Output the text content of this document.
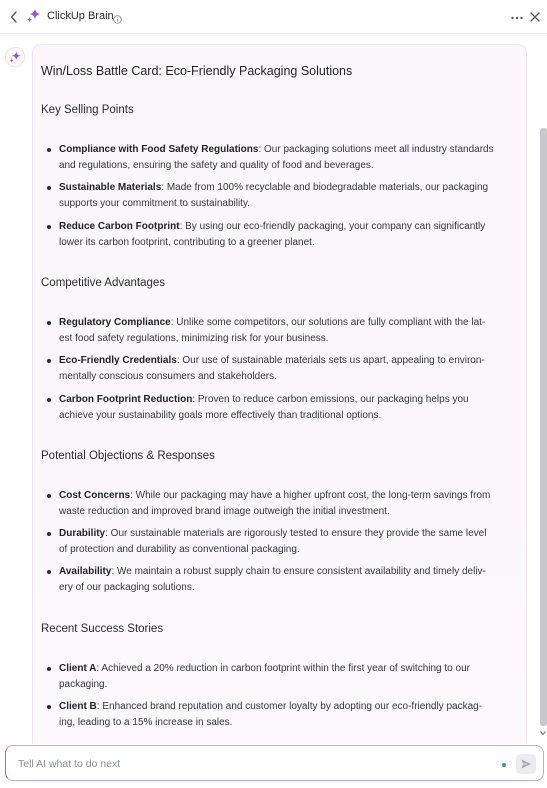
ClickUp Brain
Win/Loss Battle Card: Eco-Friendly Packaging Solutions
Key Selling Points
Compliance with Food Safety Regulations: Our packaging solutions meet all industry standards
and regulations, ensuring the safety and quality of food and beverages.
Sustainable Materials: Made from 100% recyclable and biodegradable materials, our packaging
supports your commitment to sustainability.
Reduce Carbon Footprint: By using our eco-friendly packaging, your company can significantly
lower its carbon footprint, contributing to a greener planet.
Competitive Advantages
Regulatory Compliance: Unlike some competitors, our solutions are fully compliant with the lat-
est food safety regulations, minimizing risk for your business.
Eco-Friendly Credentials: Our use of sustainable materials sets us apart, appealing to environ-
mentally conscious consumers and stakeholders.
Carbon Footprint Reduction: Proven to reduce carbon emissions, our packaging helps you
achieve your sustainability goals more effectively than traditional options.
Potential Objections & Responses
Cost Concerns: While our packaging may have a higher upfront cost, the long-term savings from
waste reduction and improved brand image outweigh the initial investment.
Durability: Our sustainable materials are rigorously tested to ensure they provide the same level
of protection and durability as conventional packaging.
Availability: We maintain a robust supply chain to ensure consistent availability and timely deliv-
ery of our packaging solutions.
Recent Success Stories
Client A: Achieved a 20% reduction in carbon footprint within the first year of switching to our
packaging.
Client B: Enhanced brand reputation and customer loyalty by adopting our eco-friendly packag-
ing, leading to a 15% increase in sales.
Tell AI what to do next
